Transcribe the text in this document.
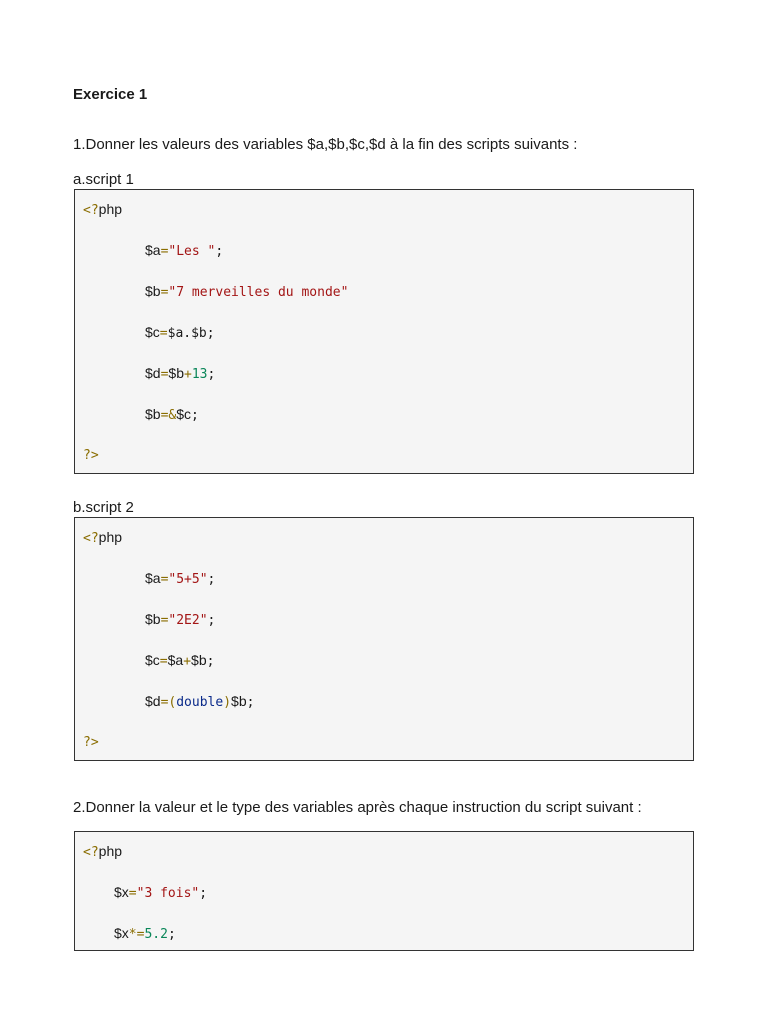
Exercice 1
1.Donner les valeurs des variables $a,$b,$c,$d à la fin des scripts suivants :
a.script 1
<?php
$a="Les ";
$b="7 merveilles du monde"
$c=$a.$b;
$d=$b+13;
$b=&$c;
?>
b.script 2
<?php
$a="5+5";
$b="2E2";
$c=$a+$b;
$d=(double)$b;
?>
2.Donner la valeur et le type des variables après chaque instruction du script suivant :
<?php
$x="3 fois";
$x*=5.2;
